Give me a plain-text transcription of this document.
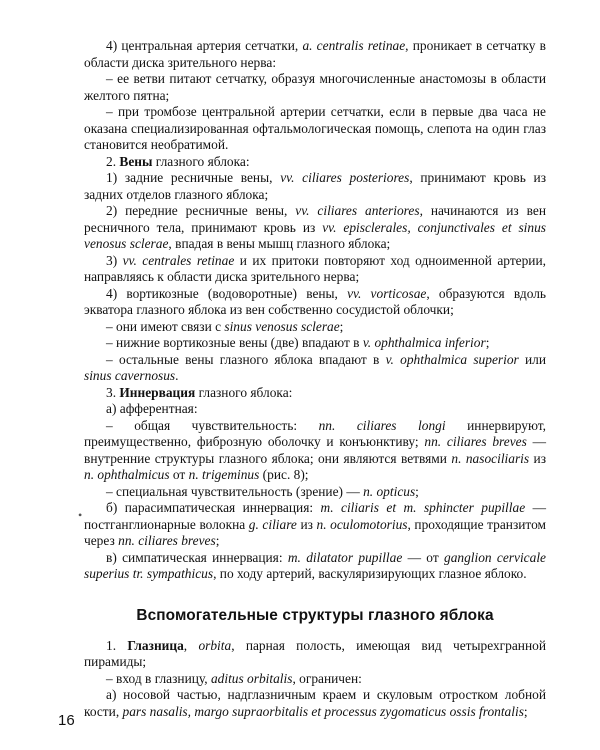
4) центральная артерия сетчатки, a. centralis retinae, проникает в сетчатку в области диска зрительного нерва:

– ее ветви питают сетчатку, образуя многочисленные анастомозы в области желтого пятна;

– при тромбозе центральной артерии сетчатки, если в первые два часа не оказана специализированная офтальмологическая помощь, слепота на один глаз становится необратимой.

2. Вены глазного яблока:

1) задние ресничные вены, vv. ciliares posteriores, принимают кровь из задних отделов глазного яблока;

2) передние ресничные вены, vv. ciliares anteriores, начинаются из вен ресничного тела, принимают кровь из vv. episclerales, conjunctivales et sinus venosus sclerae, впадая в вены мышц глазного яблока;

3) vv. centrales retinae и их притоки повторяют ход одноименной артерии, направляясь к области диска зрительного нерва;

4) вортикозные (водоворотные) вены, vv. vorticosae, образуются вдоль экватора глазного яблока из вен собственно сосудистой облочки;

– они имеют связи с sinus venosus sclerae;

– нижние вортикозные вены (две) впадают в v. ophthalmica inferior;

– остальные вены глазного яблока впадают в v. ophthalmica superior или sinus cavernosus.

3. Иннервация глазного яблока:

а) афферентная:

– общая чувствительность: nn. ciliares longi иннервируют, преимущественно, фиброзную оболочку и конъюнктиву; nn. ciliares breves — внутренние структуры глазного яблока; они являются ветвями n. nasociliaris из n. ophthalmicus от n. trigeminus (рис. 8);

– специальная чувствительность (зрение) — n. opticus;

б) парасимпатическая иннервация: m. ciliaris et m. sphincter pupillae — постганглионарные волокна g. ciliare из n. oculomotorius, проходящие транзитом через nn. ciliares breves;

в) симпатическая иннервация: m. dilatator pupillae — от ganglion cervicale superius tr. sympathicus, по ходу артерий, васкуляризирующих глазное яблоко.

Вспомогательные структуры глазного яблока

1. Глазница, orbita, парная полость, имеющая вид четырехгранной пирамиды;

– вход в глазницу, aditus orbitalis, ограничен:

а) носовой частью, надглазничным краем и скуловым отростком лобной кости, pars nasalis, margo supraorbitalis et processus zygomaticus ossis frontalis;

•
16
